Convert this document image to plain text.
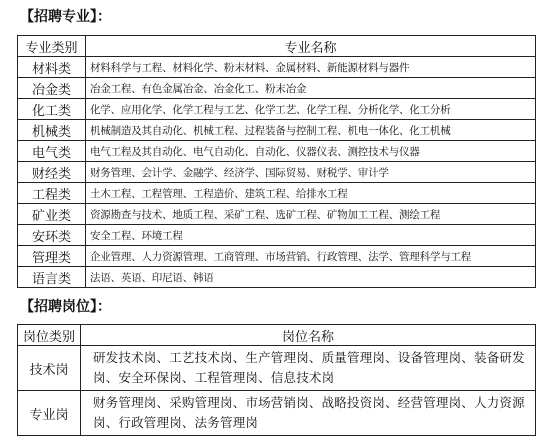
【招聘专业】：
专业类别	专业名称
材料类	材料科学与工程、材料化学、粉末材料、金属材料、新能源材料与器件
冶金类	冶金工程、有色金属冶金、冶金化工、粉末冶金
化工类	化学、应用化学、化学工程与工艺、化学工艺、化学工程、分析化学、化工分析
机械类	机械制造及其自动化、机械工程、过程装备与控制工程、机电一体化、化工机械
电气类	电气工程及其自动化、电气自动化、自动化、仪器仪表、测控技术与仪器
财经类	财务管理、会计学、金融学、经济学、国际贸易、财税学、审计学
工程类	土木工程、工程管理、工程造价、建筑工程、给排水工程
矿业类	资源勘查与技术、地质工程、采矿工程、选矿工程、矿物加工工程、测绘工程
安环类	安全工程、环境工程
管理类	企业管理、人力资源管理、工商管理、市场营销、行政管理、法学、管理科学与工程
语言类	法语、英语、印尼语、韩语
【招聘岗位】：
岗位类别	岗位名称
技术岗	研发技术岗、工艺技术岗、生产管理岗、质量管理岗、设备管理岗、装备研发岗、安全环保岗、工程管理岗、信息技术岗
专业岗	财务管理岗、采购管理岗、市场营销岗、战略投资岗、经营管理岗、人力资源岗、行政管理岗、法务管理岗
